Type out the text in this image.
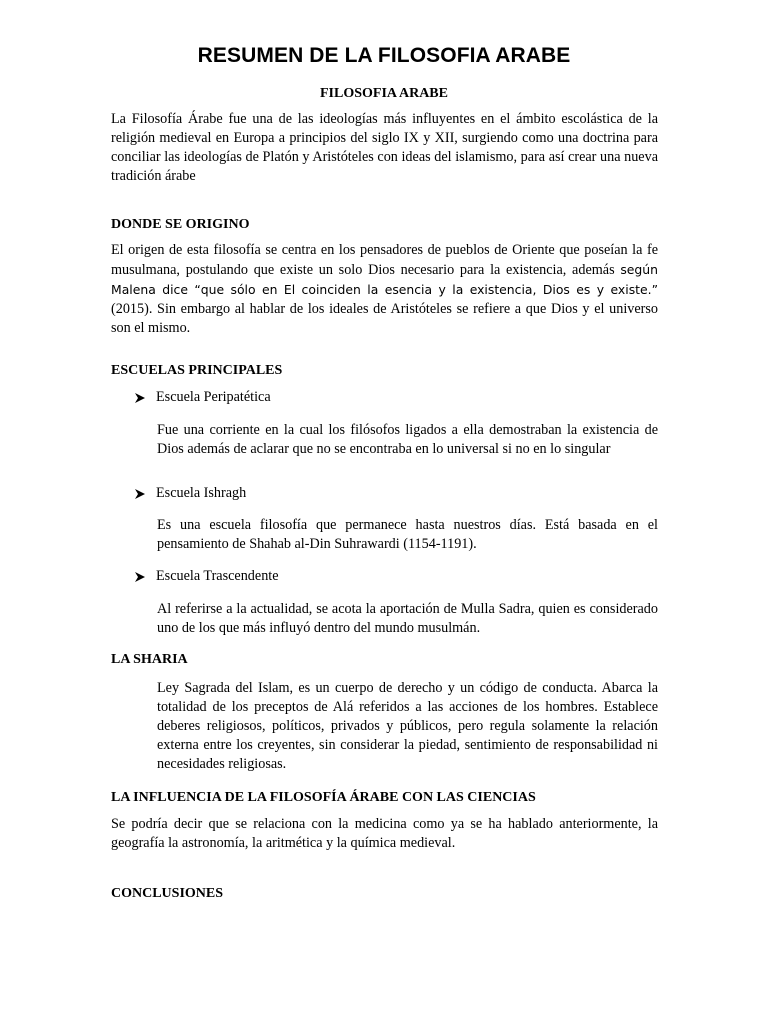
RESUMEN DE LA FILOSOFIA ARABE
FILOSOFIA ARABE

La Filosofía Árabe fue una de las ideologías más influyentes en el ámbito escolástica de la religión medieval en Europa a principios del siglo IX y XII, surgiendo como una doctrina para conciliar las ideologías de Platón y Aristóteles con ideas del islamismo, para así crear una nueva tradición árabe

DONDE SE ORIGINO

El origen de esta filosofía se centra en los pensadores de pueblos de Oriente que poseían la fe musulmana, postulando que existe un solo Dios necesario para la existencia, además según Malena dice “que sólo en El coinciden la esencia y la existencia, Dios es y existe.” (2015). Sin embargo al hablar de los ideales de Aristóteles se refiere a que Dios y el universo son el mismo.

ESCUELAS PRINCIPALES
Escuela Peripatética

Fue una corriente en la cual los filósofos ligados a ella demostraban la existencia de Dios además de aclarar que no se encontraba en lo universal si no en lo singular

Escuela Ishragh

Es una escuela filosofía que permanece hasta nuestros días. Está basada en el pensamiento de Shahab al-Din Suhrawardi (1154-1191).

Escuela Trascendente

Al referirse a la actualidad, se acota la aportación de Mulla Sadra, quien es considerado uno de los que más influyó dentro del mundo musulmán.

LA SHARIA

Ley Sagrada del Islam, es un cuerpo de derecho y un código de conducta. Abarca la totalidad de los preceptos de Alá referidos a las acciones de los hombres. Establece deberes religiosos, políticos, privados y públicos, pero regula solamente la relación externa entre los creyentes, sin considerar la piedad, sentimiento de responsabilidad ni necesidades religiosas.

LA INFLUENCIA DE LA FILOSOFÍA ÁRABE CON LAS CIENCIAS

Se podría decir que se relaciona con la medicina como ya se ha hablado anteriormente, la geografía la astronomía, la aritmética y la química medieval.

CONCLUSIONES
